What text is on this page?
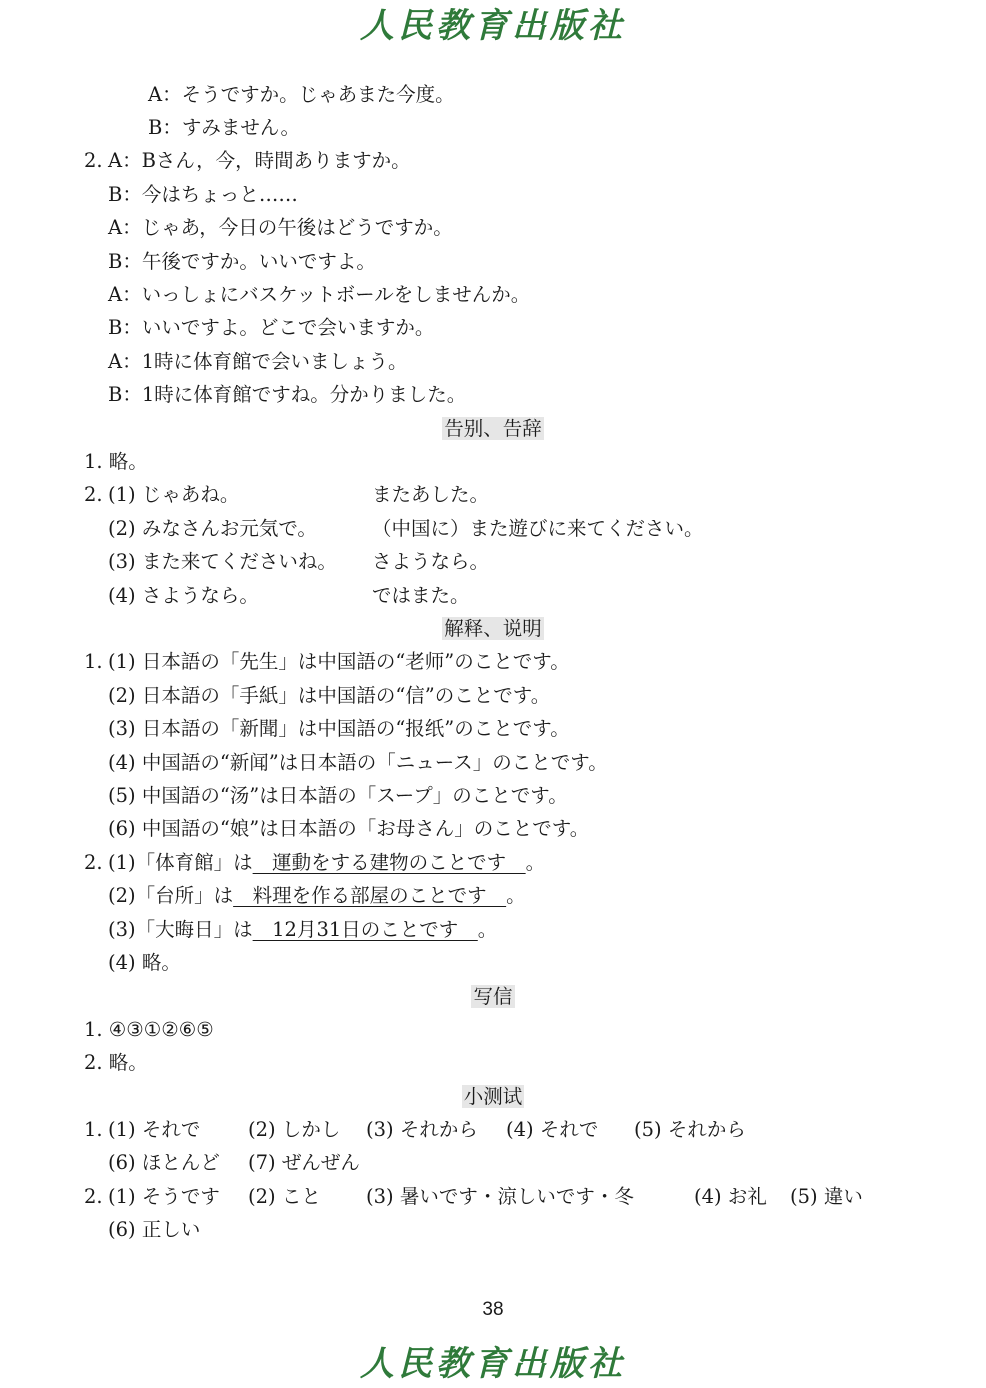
人民教育出版社
A：そうですか。じゃあまた今度。
B：すみません。
2. A：Bさん，今，時間ありますか。
B：今はちょっと……
A：じゃあ，今日の午後はどうですか。
B：午後ですか。いいですよ。
A：いっしょにバスケットボールをしませんか。
B：いいですよ。どこで会いますか。
A：1時に体育館で会いましょう。
B：1時に体育館ですね。分かりました。
告别、告辞
1. 略。
2. (1) じゃあね。	またあした。
(2) みなさんお元気で。	（中国に）また遊びに来てください。
(3) また来てくださいね。 さようなら。
(4) さようなら。	ではまた。
解释、说明
1. (1) 日本語の「先生」は中国語の“老师”のことです。
(2) 日本語の「手紙」は中国語の“信”のことです。
(3) 日本語の「新聞」は中国語の“报纸”のことです。
(4) 中国語の“新闻”は日本語の「ニュース」のことです。
(5) 中国語の“汤”は日本語の「スープ」のことです。
(6) 中国語の“娘”は日本語の「お母さん」のことです。
2. (1)「体育館」は　運動をする建物のことです　。
(2)「台所」は　料理を作る部屋のことです　。
(3)「大晦日」は　12月31日のことです　。
(4) 略。
写信
1. ④③①②⑥⑤
2. 略。
小测试
1. (1) それで (2) しかし (3) それから (4) それで (5) それから
(6) ほとんど (7) ぜんぜん
2. (1) そうです (2) こと (3) 暑いです・涼しいです・冬	(4) お礼 (5) 違い
(6) 正しい
38
人民教育出版社
